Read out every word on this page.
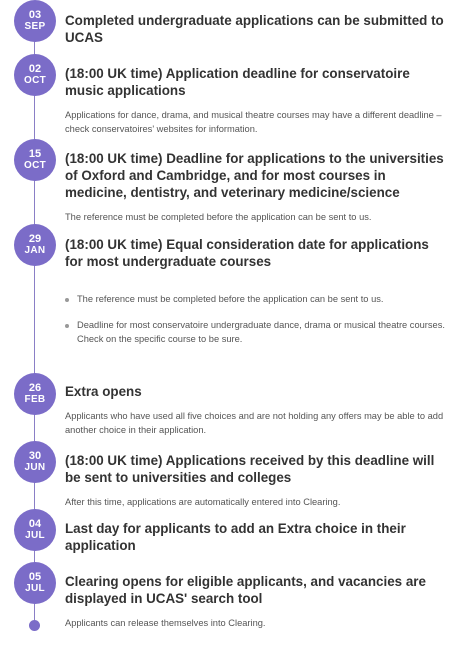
03
SEP Completed undergraduate applications can be submitted to UCAS

02
OCT (18:00 UK time) Application deadline for conservatoire music applications

Applications for dance, drama, and musical theatre courses may have a different deadline – check conservatoires' websites for information.

15
OCT (18:00 UK time) Deadline for applications to the universities of Oxford and Cambridge, and for most courses in medicine, dentistry, and veterinary medicine/science

The reference must be completed before the application can be sent to us.

29
JAN (18:00 UK time) Equal consideration date for applications for most undergraduate courses

The reference must be completed before the application can be sent to us.
Deadline for most conservatoire undergraduate dance, drama or musical theatre courses. Check on the specific course to be sure.
26
FEB

Extra opens

Applicants who have used all five choices and are not holding any offers may be able to add another choice in their application.

30
JUN (18:00 UK time) Applications received by this deadline will be sent to universities and colleges

After this time, applications are automatically entered into Clearing.

04
JUL Last day for applicants to add an Extra choice in their application

05
JUL Clearing opens for eligible applicants, and vacancies are displayed in UCAS' search tool

Applicants can release themselves into Clearing.
